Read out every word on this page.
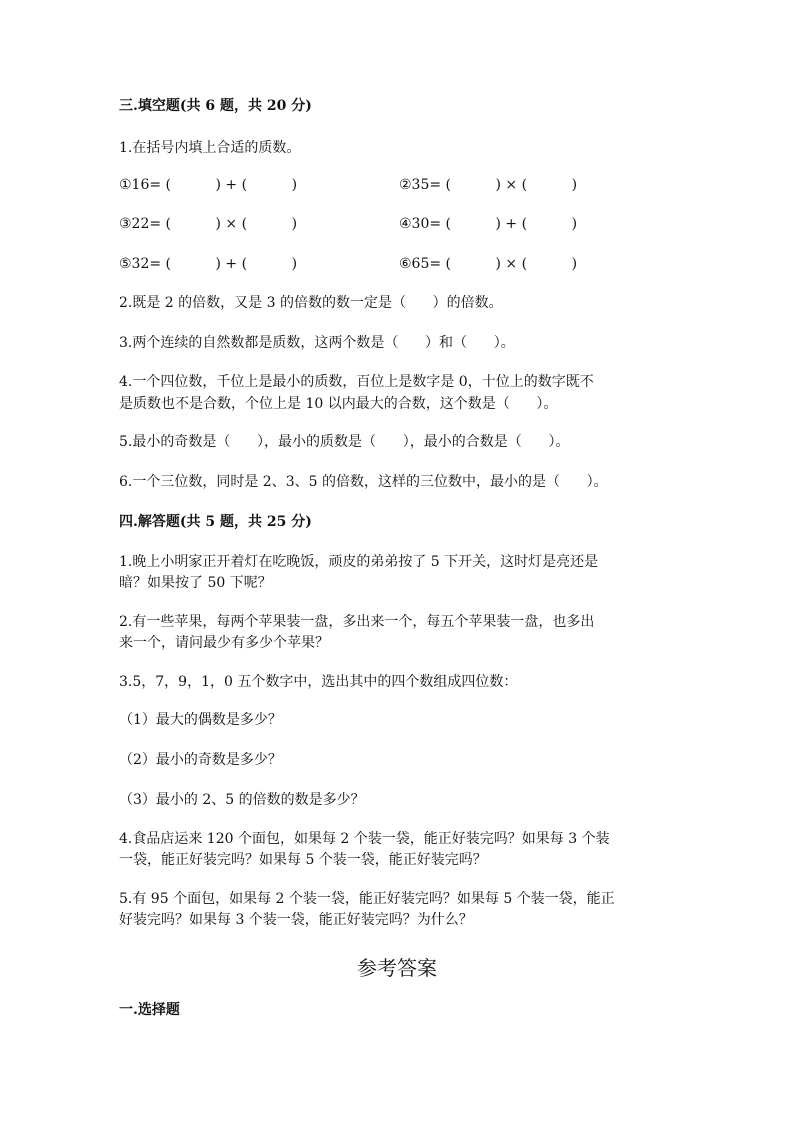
三.填空题(共 6 题，共 20 分)
1.在括号内填上合适的质数。
①16= (          ) + (          )	②35= (          ) × (          )
③22= (          ) × (          )	④30= (          ) + (          )
⑤32= (          ) + (          )	⑥65= (          ) × (          )
2.既是 2 的倍数，又是 3 的倍数的数一定是（      ）的倍数。
3.两个连续的自然数都是质数，这两个数是（      ）和（      ）。
4.一个四位数，千位上是最小的质数，百位上是数字是 0，十位上的数字既不
是质数也不是合数，个位上是 10 以内最大的合数，这个数是（      ）。
5.最小的奇数是（      ），最小的质数是（      ），最小的合数是（      ）。
6.一个三位数，同时是 2、3、5 的倍数，这样的三位数中，最小的是（      ）。
四.解答题(共 5 题，共 25 分)
1.晚上小明家正开着灯在吃晚饭，顽皮的弟弟按了 5 下开关，这时灯是亮还是
暗？如果按了 50 下呢？
2.有一些苹果，每两个苹果装一盘，多出来一个，每五个苹果装一盘，也多出
来一个，请问最少有多少个苹果？
3.5，7，9，1，0 五个数字中，选出其中的四个数组成四位数：
（1）最大的偶数是多少？
（2）最小的奇数是多少？
（3）最小的 2、5 的倍数的数是多少？
4.食品店运来 120 个面包，如果每 2 个装一袋，能正好装完吗？如果每 3 个装
一袋，能正好装完吗？如果每 5 个装一袋，能正好装完吗？
5.有 95 个面包，如果每 2 个装一袋，能正好装完吗？如果每 5 个装一袋，能正
好装完吗？如果每 3 个装一袋，能正好装完吗？为什么？
参考答案
一.选择题
